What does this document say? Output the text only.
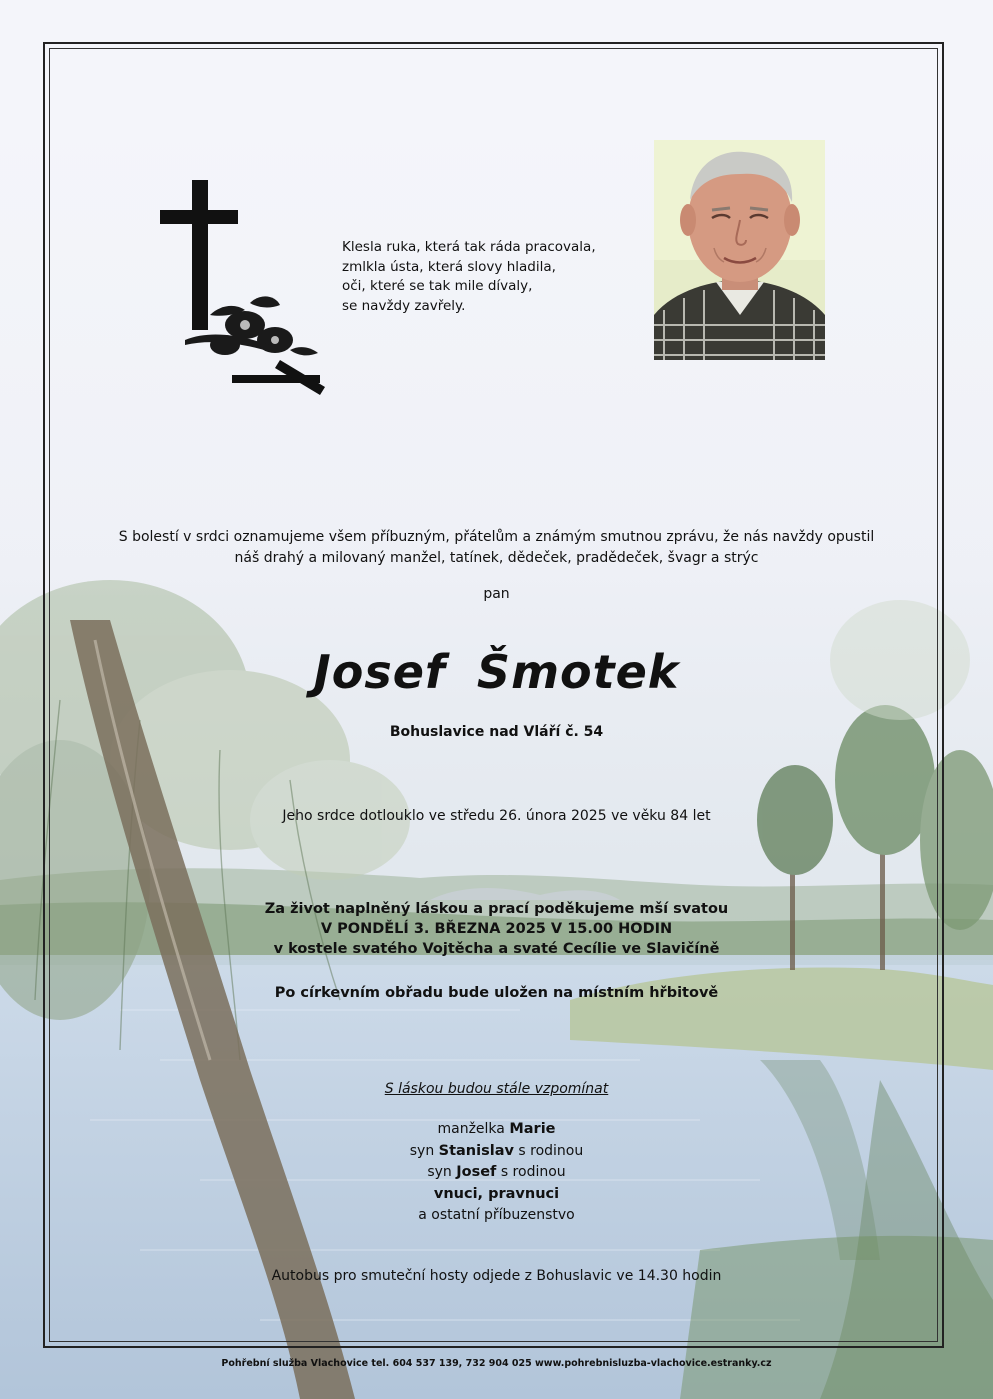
Klesla ruka, která tak ráda pracovala,
zmlkla ústa, která slovy hladila,
oči, které se tak mile dívaly,
se navždy zavřely.
S bolestí v srdci oznamujeme všem příbuzným, přátelům a známým smutnou zprávu, že nás navždy opustil
náš drahý a milovaný manžel, tatínek, dědeček, pradědeček, švagr a strýc
pan
Josef Šmotek
Bohuslavice nad Vláří č. 54
Jeho srdce dotlouklo ve středu 26. února 2025 ve věku 84 let
Za život naplněný láskou a prací poděkujeme mší svatou
V PONDĚLÍ 3. BŘEZNA 2025 V 15.00 HODIN
v kostele svatého Vojtěcha a svaté Cecílie ve Slavičíně
Po církevním obřadu bude uložen na místním hřbitově
S láskou budou stále vzpomínat
manželka Marie
syn Stanislav s rodinou
syn Josef s rodinou
vnuci, pravnuci
a ostatní příbuzenstvo
Autobus pro smuteční hosty odjede z Bohuslavic ve 14.30 hodin
Pohřební služba Vlachovice tel. 604 537 139, 732 904 025 www.pohrebnisluzba-vlachovice.estranky.cz
